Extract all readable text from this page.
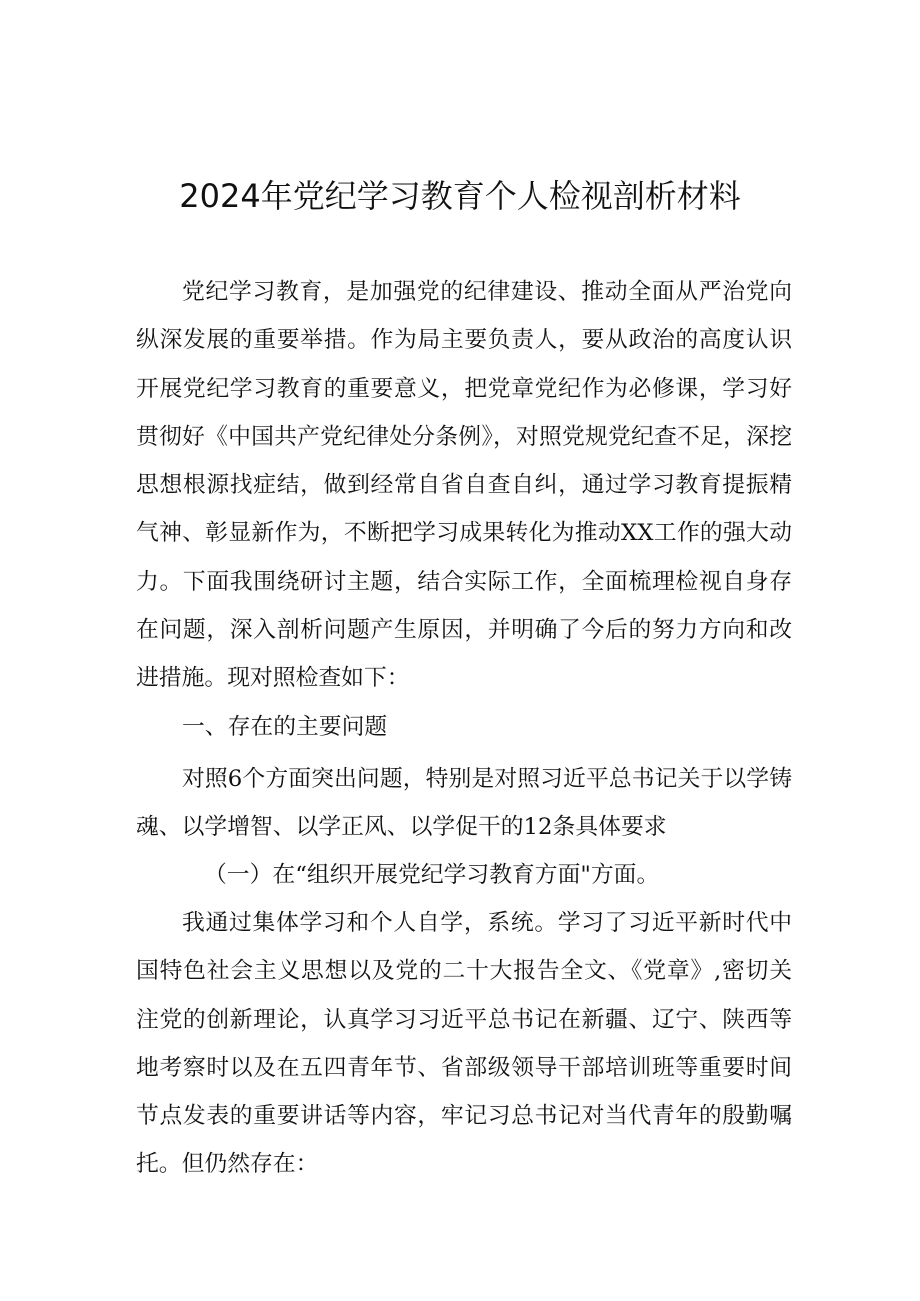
2024年党纪学习教育个人检视剖析材料

党纪学习教育，是加强党的纪律建设、推动全面从严治党向纵深发展的重要举措。作为局主要负责人，要从政治的高度认识开展党纪学习教育的重要意义，把党章党纪作为必修课，学习好贯彻好《中国共产党纪律处分条例》，对照党规党纪查不足，深挖思想根源找症结，做到经常自省自查自纠，通过学习教育提振精气神、彰显新作为，不断把学习成果转化为推动XX工作的强大动力。下面我围绕研讨主题，结合实际工作，全面梳理检视自身存在问题，深入剖析问题产生原因，并明确了今后的努力方向和改进措施。现对照检查如下：

一、存在的主要问题

对照6个方面突出问题，特别是对照习近平总书记关于以学铸魂、以学增智、以学正风、以学促干的12条具体要求

（一）在“组织开展党纪学习教育方面"方面。

我通过集体学习和个人自学，系统。学习了习近平新时代中国特色社会主义思想以及党的二十大报告全文、《党章》,密切关注党的创新理论，认真学习习近平总书记在新疆、辽宁、陕西等地考察时以及在五四青年节、省部级领导干部培训班等重要时间节点发表的重要讲话等内容，牢记习总书记对当代青年的殷勤嘱托。但仍然存在：
